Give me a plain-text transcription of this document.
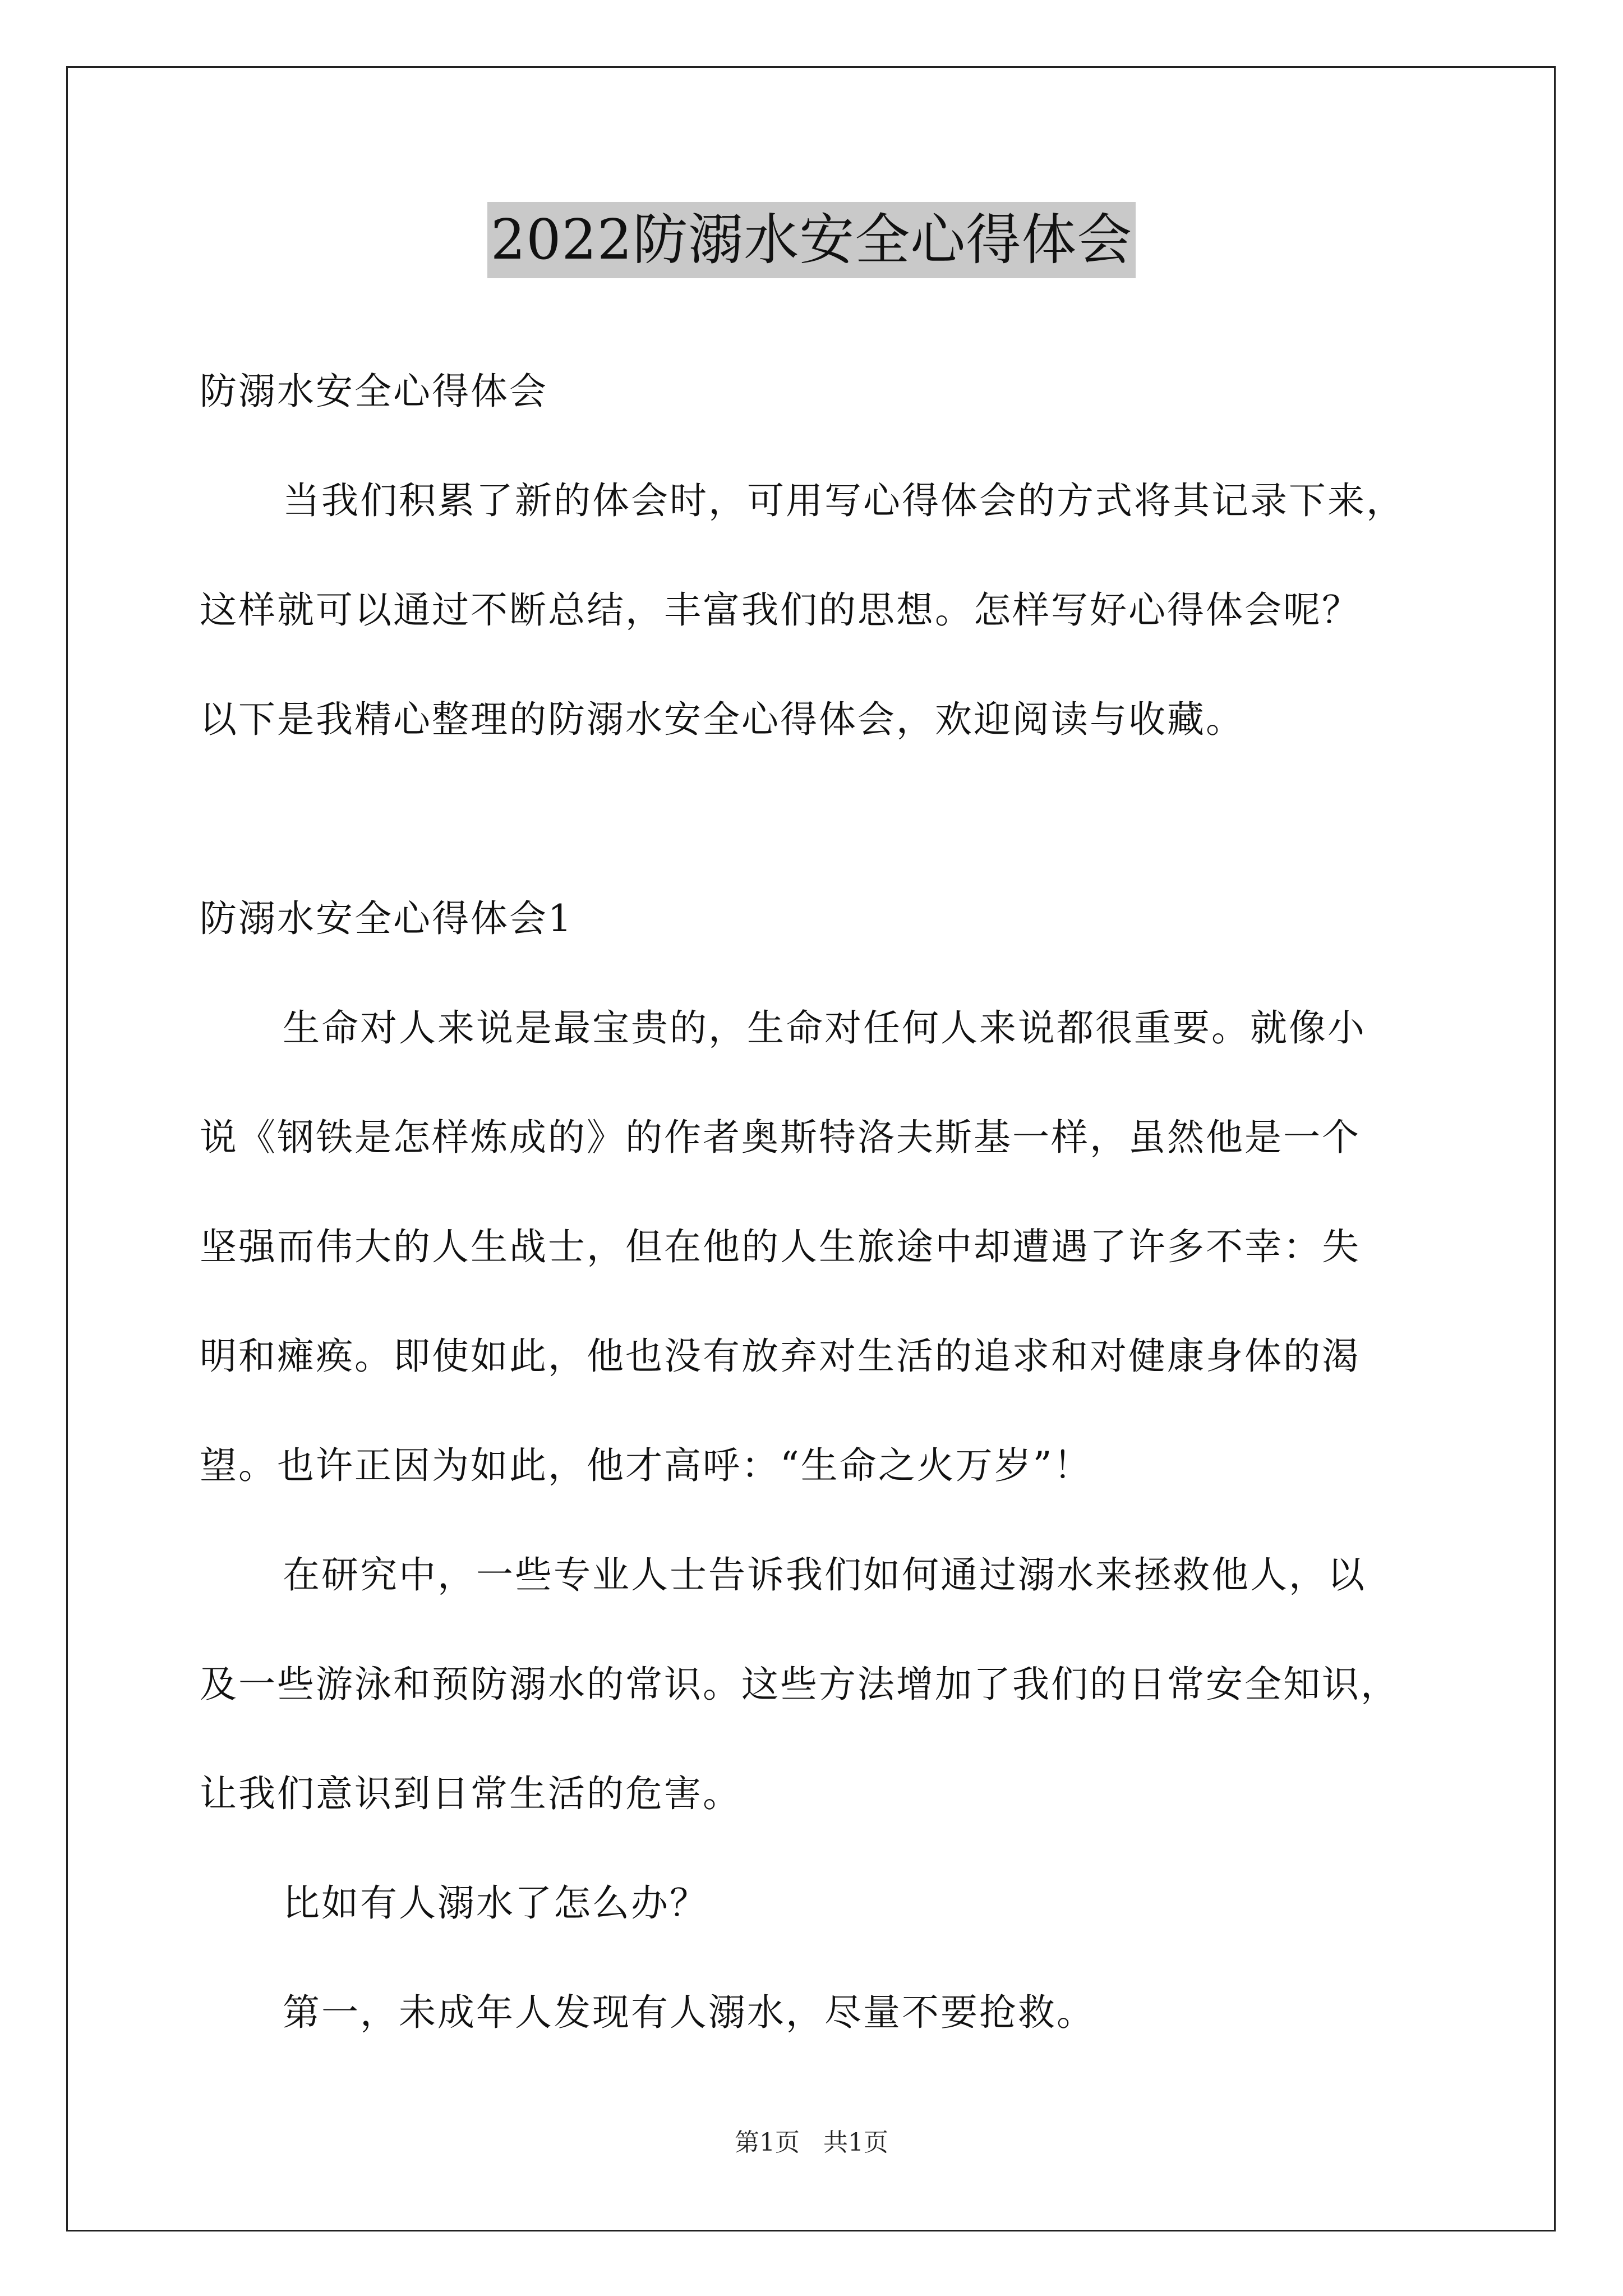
2022防溺水安全心得体会
防溺水安全心得体会
当我们积累了新的体会时，可用写心得体会的方式将其记录下来，
这样就可以通过不断总结，丰富我们的思想。怎样写好心得体会呢？
以下是我精心整理的防溺水安全心得体会，欢迎阅读与收藏。
防溺水安全心得体会1
生命对人来说是最宝贵的，生命对任何人来说都很重要。就像小
说《钢铁是怎样炼成的》的作者奥斯特洛夫斯基一样，虽然他是一个
坚强而伟大的人生战士，但在他的人生旅途中却遭遇了许多不幸：失
明和瘫痪。即使如此，他也没有放弃对生活的追求和对健康身体的渴
望。也许正因为如此，他才高呼：“生命之火万岁”！
在研究中，一些专业人士告诉我们如何通过溺水来拯救他人，以
及一些游泳和预防溺水的常识。这些方法增加了我们的日常安全知识，
让我们意识到日常生活的危害。
比如有人溺水了怎么办？
第一，未成年人发现有人溺水，尽量不要抢救。
第1页 共1页
